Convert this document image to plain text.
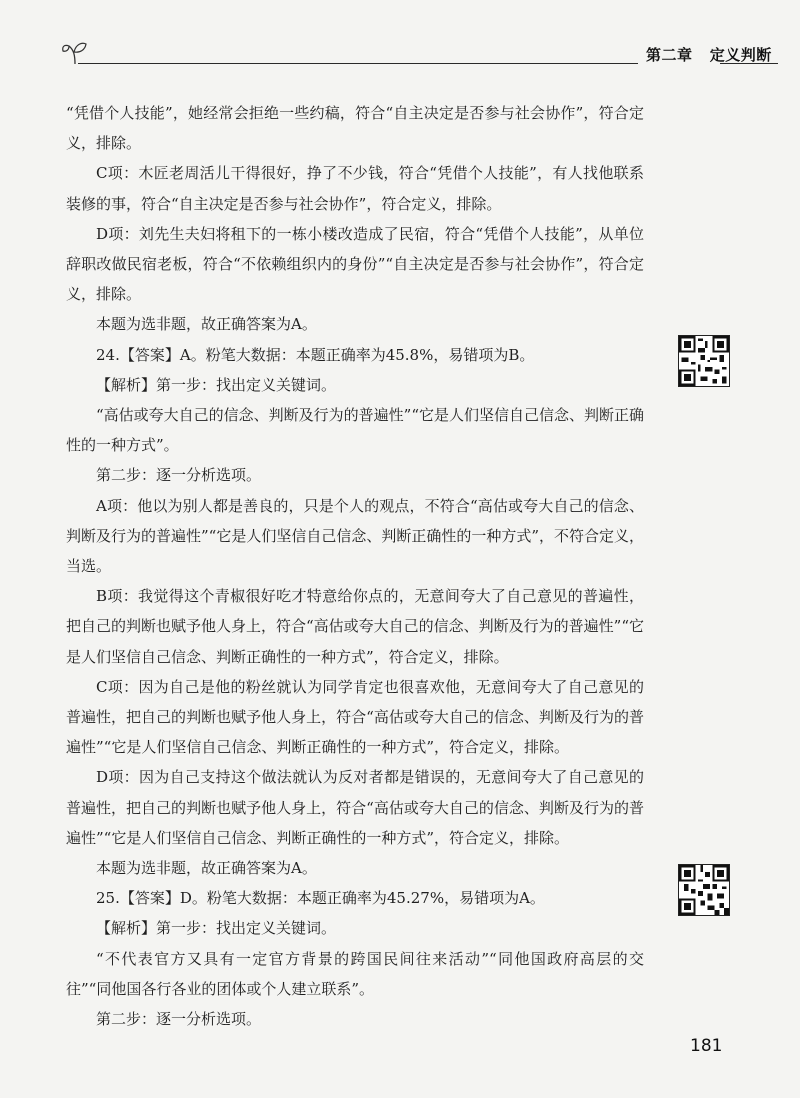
第二章 定义判断

“凭借个人技能”，她经常会拒绝一些约稿，符合“自主决定是否参与社会协作”，符合定义，排除。

C项：木匠老周活儿干得很好，挣了不少钱，符合“凭借个人技能”，有人找他联系装修的事，符合“自主决定是否参与社会协作”，符合定义，排除。

D项：刘先生夫妇将租下的一栋小楼改造成了民宿，符合“凭借个人技能”，从单位辞职改做民宿老板，符合“不依赖组织内的身份”“自主决定是否参与社会协作”，符合定义，排除。

本题为选非题，故正确答案为A。

24.【答案】A。粉笔大数据：本题正确率为45.8%，易错项为B。

【解析】第一步：找出定义关键词。

“高估或夸大自己的信念、判断及行为的普遍性”“它是人们坚信自己信念、判断正确性的一种方式”。

第二步：逐一分析选项。

A项：他以为别人都是善良的，只是个人的观点，不符合“高估或夸大自己的信念、判断及行为的普遍性”“它是人们坚信自己信念、判断正确性的一种方式”，不符合定义，当选。

B项：我觉得这个青椒很好吃才特意给你点的，无意间夸大了自己意见的普遍性，把自己的判断也赋予他人身上，符合“高估或夸大自己的信念、判断及行为的普遍性”“它是人们坚信自己信念、判断正确性的一种方式”，符合定义，排除。

C项：因为自己是他的粉丝就认为同学肯定也很喜欢他，无意间夸大了自己意见的普遍性，把自己的判断也赋予他人身上，符合“高估或夸大自己的信念、判断及行为的普遍性”“它是人们坚信自己信念、判断正确性的一种方式”，符合定义，排除。

D项：因为自己支持这个做法就认为反对者都是错误的，无意间夸大了自己意见的普遍性，把自己的判断也赋予他人身上，符合“高估或夸大自己的信念、判断及行为的普遍性”“它是人们坚信自己信念、判断正确性的一种方式”，符合定义，排除。

本题为选非题，故正确答案为A。

25.【答案】D。粉笔大数据：本题正确率为45.27%，易错项为A。

【解析】第一步：找出定义关键词。

“不代表官方又具有一定官方背景的跨国民间往来活动”“同他国政府高层的交往”“同他国各行各业的团体或个人建立联系”。

第二步：逐一分析选项。

181
